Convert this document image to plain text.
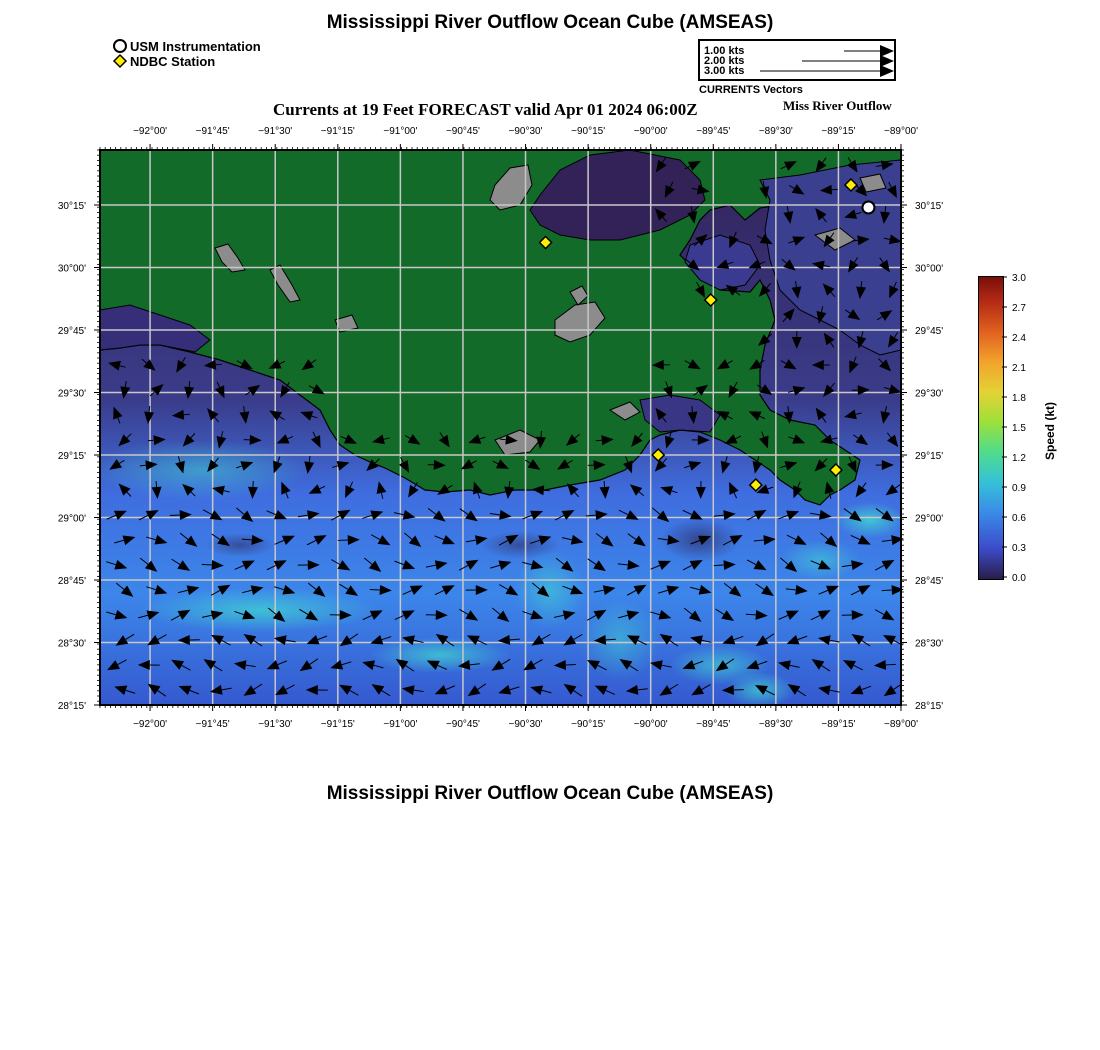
Mississippi River Outflow Ocean Cube (AMSEAS)
USM Instrumentation
NDBC Station
1.00 kts
2.00 kts
3.00 kts
CURRENTS Vectors
Currents at 19 Feet FORECAST valid Apr 01 2024 06:00Z	Miss River Outflow
−92°00'
−92°00'
−91°45'
−91°45'
−91°30'
−91°30'
−91°15'
−91°15'
−91°00'
−91°00'
−90°45'
−90°45'
−90°30'
−90°30'
−90°15'
−90°15'
−90°00'
−90°00'
−89°45'
−89°45'
−89°30'
−89°30'
−89°15'
−89°15'
−89°00'
−89°00'
30°15'	30°15'
30°00'	30°00'
29°45'	29°45'
29°30'	29°30'
29°15'	29°15'
29°00'	29°00'
28°45'	28°45'
28°30'	28°30'
28°15'	28°15'
3.0
2.7
2.4
2.1
1.8
1.5
1.2
0.9
0.6
0.3
0.0
Speed (kt)
Mississippi River Outflow Ocean Cube (AMSEAS)
